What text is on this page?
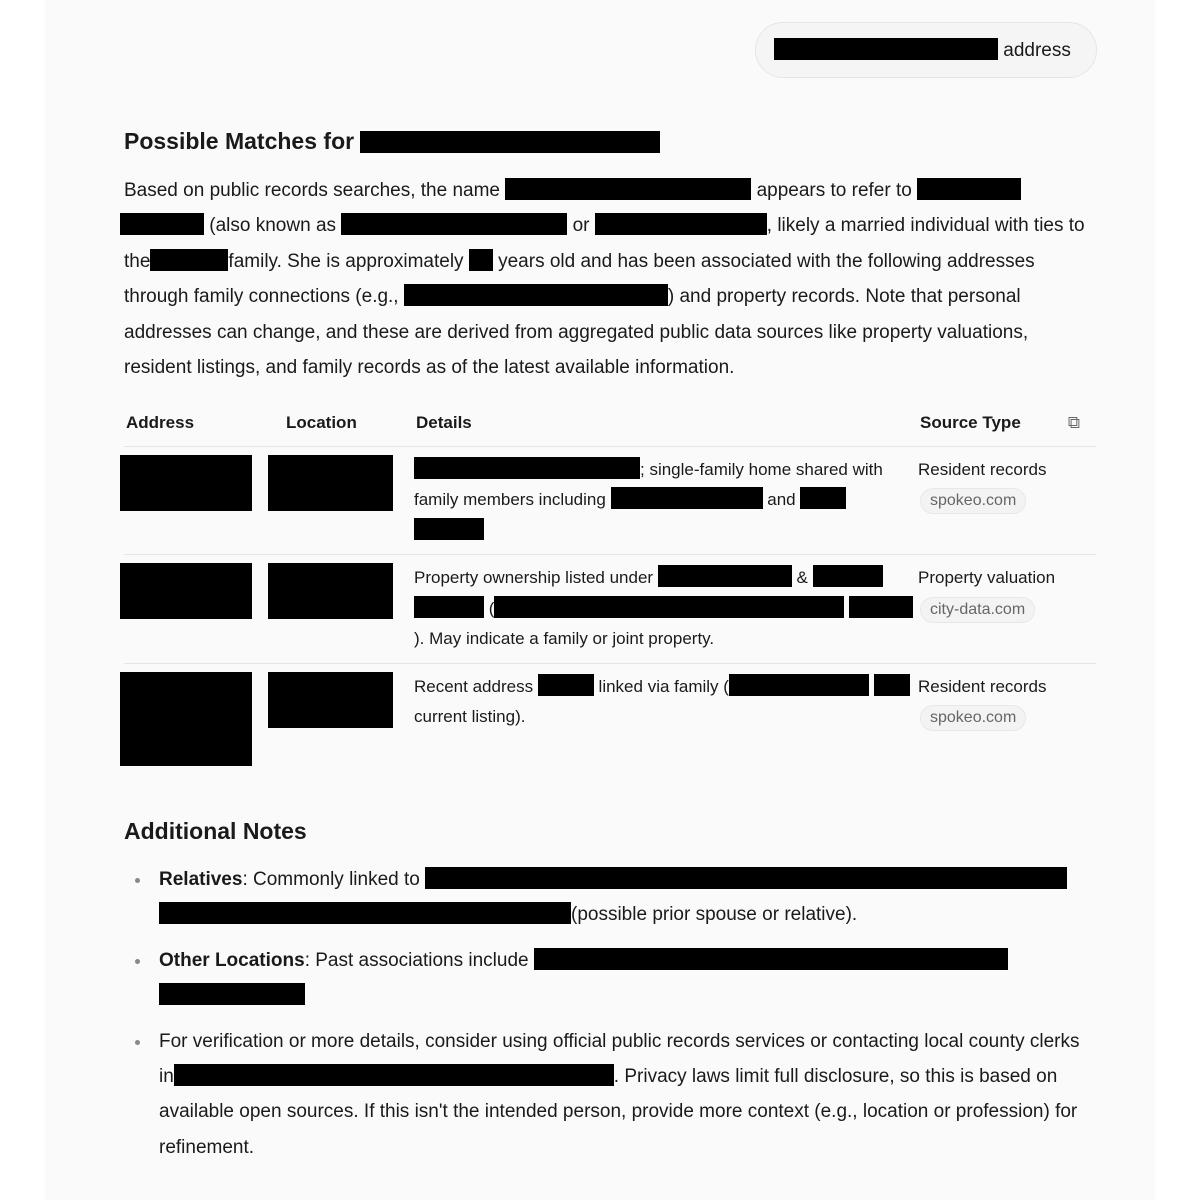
address
Possible Matches for
Based on public records searches, the name	appears to refer to   (also known as	or	, likely a married individual with ties to the	family. She is approximately years old and has been associated with the following addresses through family connections (e.g.,	) and property records. Note that personal addresses can change, and these are derived from aggregated public data sources like property valuations, resident listings, and family records as of the latest available information.
Address	Location	Details	Source Type ⧉

		; single-family home shared with family members including and	Resident records
spokeo.com
		Property ownership listed under &   ( ). May indicate a family or joint property.	Property valuation
city-data.com
		Recent address linked via family ( current listing).	Resident records
spokeo.com
Additional Notes
Relatives: Commonly linked to  (possible prior spouse or relative).
Other Locations: Past associations include
For verification or more details, consider using official public records services or contacting local county clerks in	. Privacy laws limit full disclosure, so this is based on available open sources. If this isn't the intended person, provide more context (e.g., location or profession) for refinement.
